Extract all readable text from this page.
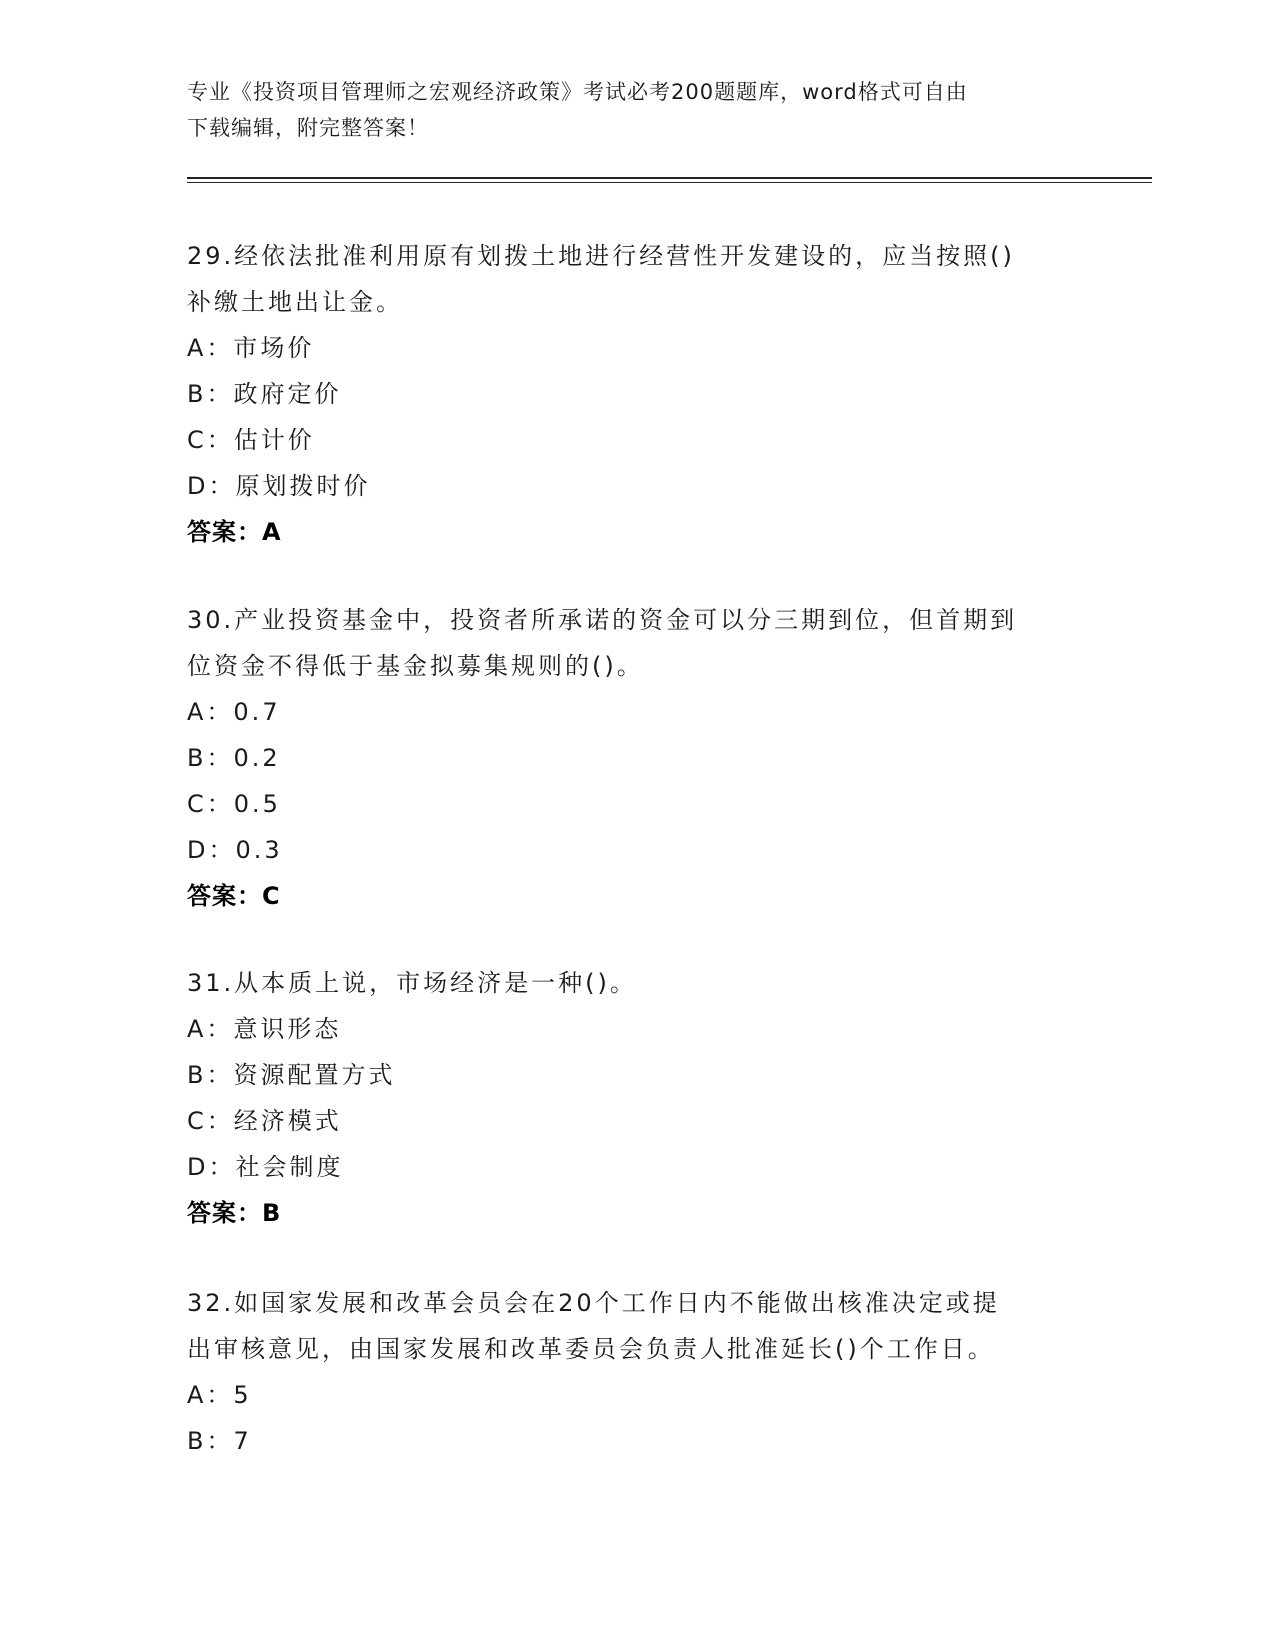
专业《投资项目管理师之宏观经济政策》考试必考200题题库，word格式可自由
下载编辑，附完整答案！

29.经依法批准利用原有划拨土地进行经营性开发建设的，应当按照()

补缴土地出让金。

A：市场价

B：政府定价

C：估计价

D：原划拨时价

答案：A

30.产业投资基金中，投资者所承诺的资金可以分三期到位，但首期到

位资金不得低于基金拟募集规则的()。

A：0.7

B：0.2

C：0.5

D：0.3

答案：C

31.从本质上说，市场经济是一种()。

A：意识形态

B：资源配置方式

C：经济模式

D：社会制度

答案：B

32.如国家发展和改革会员会在20个工作日内不能做出核准决定或提

出审核意见，由国家发展和改革委员会负责人批准延长()个工作日。

A：5

B：7
